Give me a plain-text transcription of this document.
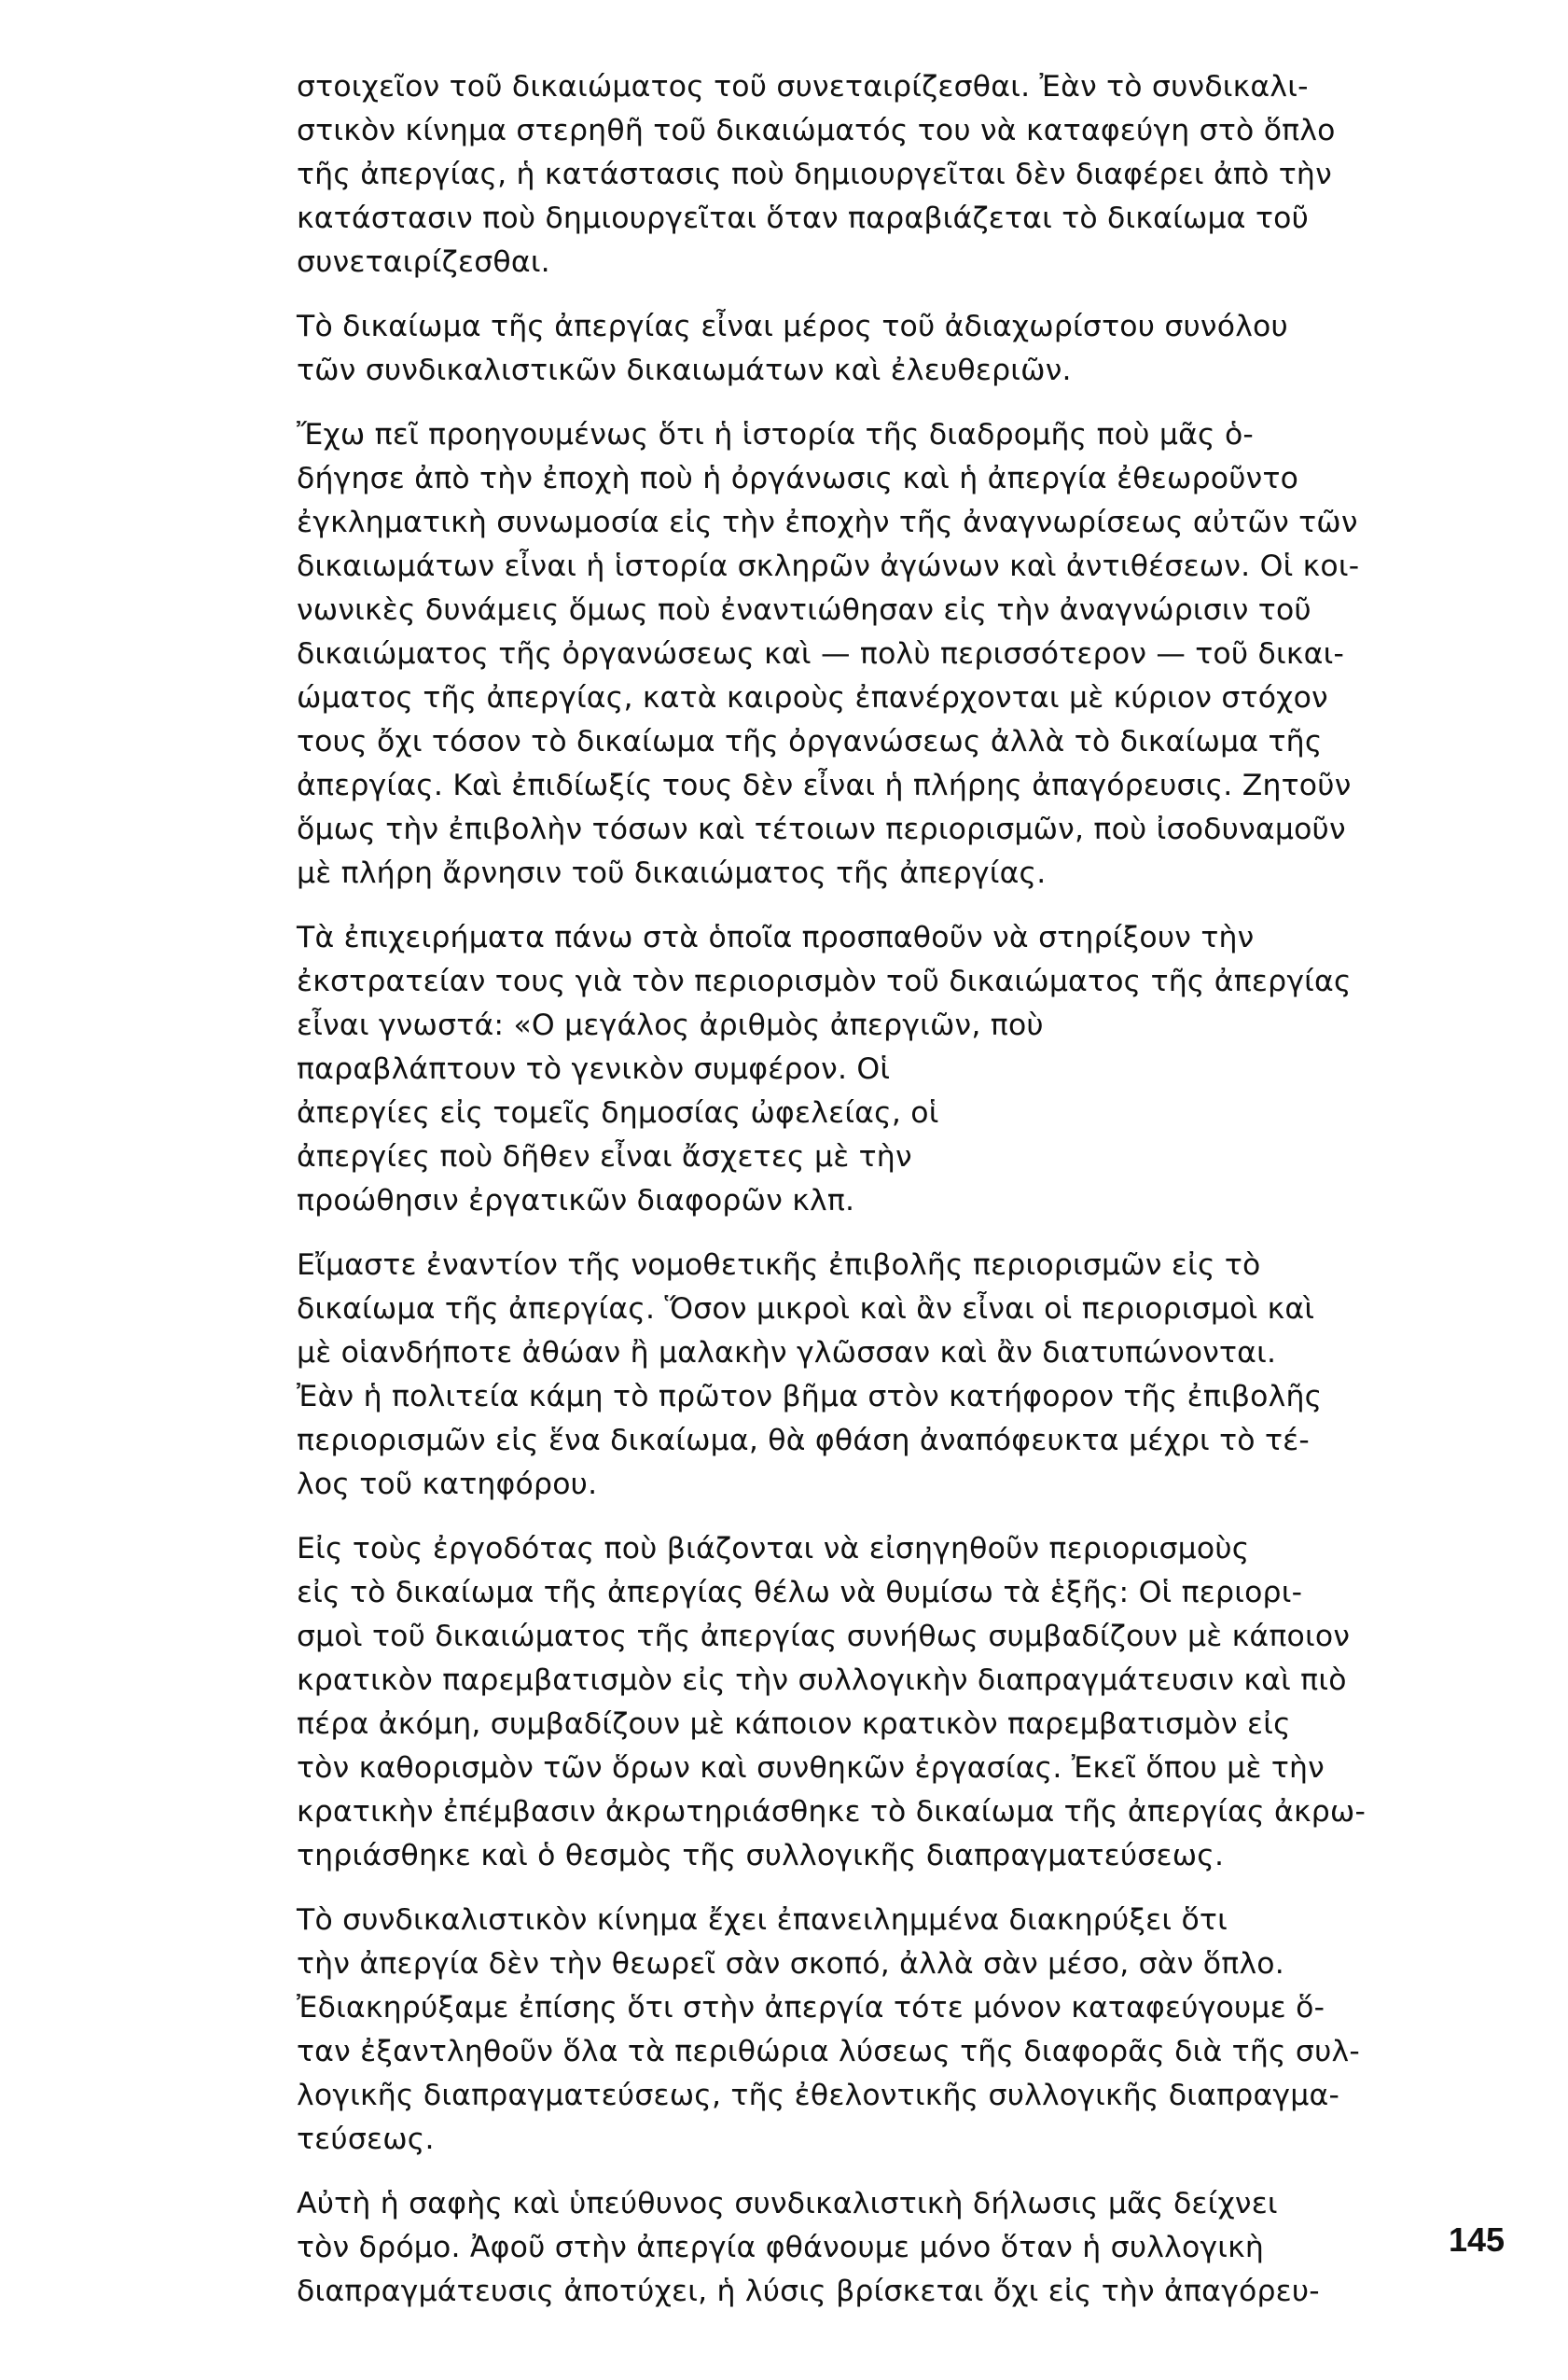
στοιχεῖον τοῦ δικαιώματος τοῦ συνεταιρίζεσθαι. Ἐὰν τὸ συνδικαλι-
στικὸν κίνημα στερηθῆ τοῦ δικαιώματός του νὰ καταφεύγη στὸ ὅπλο
τῆς ἀπεργίας, ἡ κατάστασις ποὺ δημιουργεῖται δὲν διαφέρει ἀπὸ τὴν
κατάστασιν ποὺ δημιουργεῖται ὅταν παραβιάζεται τὸ δικαίωμα τοῦ
συνεταιρίζεσθαι.

Τὸ δικαίωμα τῆς ἀπεργίας εἶναι μέρος τοῦ ἀδιαχωρίστου συνόλου
τῶν συνδικαλιστικῶν δικαιωμάτων καὶ ἐλευθεριῶν.

Ἔχω πεῖ προηγουμένως ὅτι ἡ ἱστορία τῆς διαδρομῆς ποὺ μᾶς ὁ-
δήγησε ἀπὸ τὴν ἐποχὴ ποὺ ἡ ὀργάνωσις καὶ ἡ ἀπεργία ἐθεωροῦντο
ἐγκληματικὴ συνωμοσία εἰς τὴν ἐποχὴν τῆς ἀναγνωρίσεως αὐτῶν τῶν
δικαιωμάτων εἶναι ἡ ἱστορία σκληρῶν ἀγώνων καὶ ἀντιθέσεων. Οἱ κοι-
νωνικὲς δυνάμεις ὅμως ποὺ ἐναντιώθησαν εἰς τὴν ἀναγνώρισιν τοῦ
δικαιώματος τῆς ὀργανώσεως καὶ — πολὺ περισσότερον — τοῦ δικαι-
ώματος τῆς ἀπεργίας, κατὰ καιροὺς ἐπανέρχονται μὲ κύριον στόχον
τους ὄχι τόσον τὸ δικαίωμα τῆς ὀργανώσεως ἀλλὰ τὸ δικαίωμα τῆς
ἀπεργίας. Καὶ ἐπιδίωξίς τους δὲν εἶναι ἡ πλήρης ἀπαγόρευσις. Ζητοῦν
ὅμως τὴν ἐπιβολὴν τόσων καὶ τέτοιων περιορισμῶν, ποὺ ἰσοδυναμοῦν
μὲ πλήρη ἄρνησιν τοῦ δικαιώματος τῆς ἀπεργίας.

Τὰ ἐπιχειρήματα πάνω στὰ ὁποῖα προσπαθοῦν νὰ στηρίξουν τὴν
ἐκστρατείαν τους γιὰ τὸν περιορισμὸν τοῦ δικαιώματος τῆς ἀπεργίας
εἶναι γνωστά: «Ο μεγάλος ἀριθμὸς ἀπεργιῶν, ποὺ
παραβλάπτουν τὸ γενικὸν συμφέρον. Οἱ
ἀπεργίες εἰς τομεῖς δημοσίας ὠφελείας, οἱ
ἀπεργίες ποὺ δῆθεν εἶναι ἄσχετες μὲ τὴν
προώθησιν ἐργατικῶν διαφορῶν κλπ.

Εἴμαστε ἐναντίον τῆς νομοθετικῆς ἐπιβολῆς περιορισμῶν εἰς τὸ
δικαίωμα τῆς ἀπεργίας. Ὅσον μικροὶ καὶ ἂν εἶναι οἱ περιορισμοὶ καὶ
μὲ οἱανδήποτε ἀθώαν ἢ μαλακὴν γλῶσσαν καὶ ἂν διατυπώνονται.
Ἐὰν ἡ πολιτεία κάμη τὸ πρῶτον βῆμα στὸν κατήφορον τῆς ἐπιβολῆς
περιορισμῶν εἰς ἕνα δικαίωμα, θὰ φθάση ἀναπόφευκτα μέχρι τὸ τέ-
λος τοῦ κατηφόρου.

Εἰς τοὺς ἐργοδότας ποὺ βιάζονται νὰ εἰσηγηθοῦν περιορισμοὺς
εἰς τὸ δικαίωμα τῆς ἀπεργίας θέλω νὰ θυμίσω τὰ ἑξῆς: Οἱ περιορι-
σμοὶ τοῦ δικαιώματος τῆς ἀπεργίας συνήθως συμβαδίζουν μὲ κάποιον
κρατικὸν παρεμβατισμὸν εἰς τὴν συλλογικὴν διαπραγμάτευσιν καὶ πιὸ
πέρα ἀκόμη, συμβαδίζουν μὲ κάποιον κρατικὸν παρεμβατισμὸν εἰς
τὸν καθορισμὸν τῶν ὅρων καὶ συνθηκῶν ἐργασίας. Ἐκεῖ ὅπου μὲ τὴν
κρατικὴν ἐπέμβασιν ἀκρωτηριάσθηκε τὸ δικαίωμα τῆς ἀπεργίας ἀκρω-
τηριάσθηκε καὶ ὁ θεσμὸς τῆς συλλογικῆς διαπραγματεύσεως.

Τὸ συνδικαλιστικὸν κίνημα ἔχει ἐπανειλημμένα διακηρύξει ὅτι
τὴν ἀπεργία δὲν τὴν θεωρεῖ σὰν σκοπό, ἀλλὰ σὰν μέσο, σὰν ὅπλο.
Ἐδιακηρύξαμε ἐπίσης ὅτι στὴν ἀπεργία τότε μόνον καταφεύγουμε ὅ-
ταν ἐξαντληθοῦν ὅλα τὰ περιθώρια λύσεως τῆς διαφορᾶς διὰ τῆς συλ-
λογικῆς διαπραγματεύσεως, τῆς ἐθελοντικῆς συλλογικῆς διαπραγμα-
τεύσεως.

Αὐτὴ ἡ σαφὴς καὶ ὑπεύθυνος συνδικαλιστικὴ δήλωσις μᾶς δείχνει
τὸν δρόμο. Ἀφοῦ στὴν ἀπεργία φθάνουμε μόνο ὅταν ἡ συλλογικὴ
διαπραγμάτευσις ἀποτύχει, ἡ λύσις βρίσκεται ὄχι εἰς τὴν ἀπαγόρευ-

145
